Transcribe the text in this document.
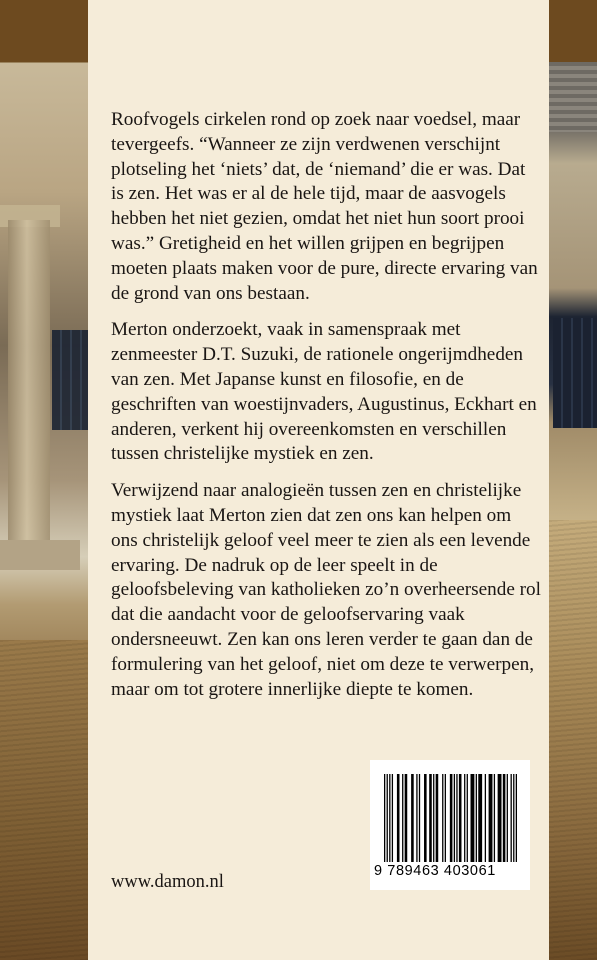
Roofvogels cirkelen rond op zoek naar voedsel, maar tevergeefs. “Wanneer ze zijn verdwenen verschijnt plotseling het ‘niets’ dat, de ‘niemand’ die er was. Dat is zen. Het was er al de hele tijd, maar de aasvogels hebben het niet gezien, omdat het niet hun soort prooi was.” Gretigheid en het willen grijpen en begrijpen moeten plaats maken voor de pure, directe ervaring van de grond van ons bestaan.

Merton onderzoekt, vaak in samenspraak met zenmeester D.T. Suzuki, de rationele ongerijmdheden van zen. Met Japanse kunst en filosofie, en de geschriften van woestijnvaders, Augustinus, Eckhart en anderen, verkent hij overeenkomsten en verschillen tussen christelijke mystiek en zen.

Verwijzend naar analogieën tussen zen en christelijke mystiek laat Merton zien dat zen ons kan helpen om ons christelijk geloof veel meer te zien als een levende ervaring. De nadruk op de leer speelt in de geloofsbeleving van katholieken zo’n overheersende rol dat die aandacht voor de geloofservaring vaak ondersneeuwt. Zen kan ons leren verder te gaan dan de formulering van het geloof, niet om deze te verwerpen, maar om tot grotere innerlijke diepte te komen.

www.damon.nl
9 789463 403061
